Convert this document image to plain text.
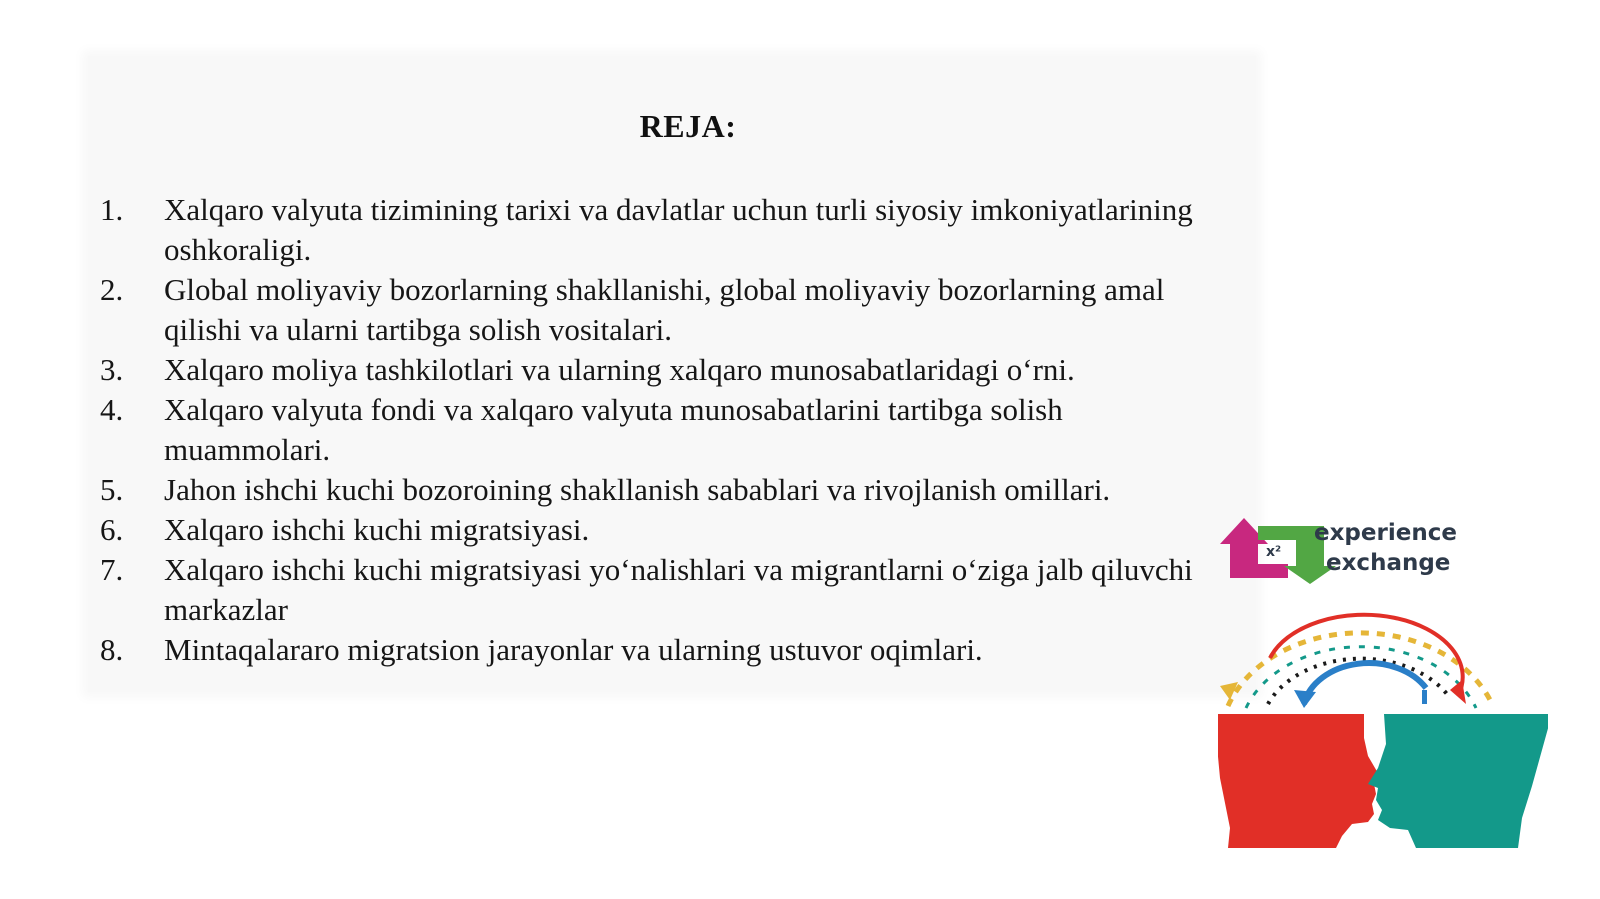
REJA:
1.	Xalqaro valyuta tizimining tarixi va davlatlar uchun turli siyosiy imkoniyatlarining oshkoraligi.
2.	Global moliyaviy bozorlarning shakllanishi, global moliyaviy bozorlarning amal qilishi va ularni tartibga solish vositalari.
3.	Xalqaro moliya tashkilotlari va ularning xalqaro munosabatlaridagi o‘rni.
4.	Xalqaro valyuta fondi va xalqaro valyuta munosabatlarini tartibga solish muammolari.
5.	Jahon ishchi kuchi bozoroining shakllanish sabablari va rivojlanish omillari.
6.	Xalqaro ishchi kuchi migratsiyasi.
7.	Xalqaro ishchi kuchi migratsiyasi yo‘nalishlari va migrantlarni o‘ziga jalb qiluvchi markazlar
8.	Mintaqalararo migratsion jarayonlar va ularning ustuvor oqimlari.
x²
experience
exchange
